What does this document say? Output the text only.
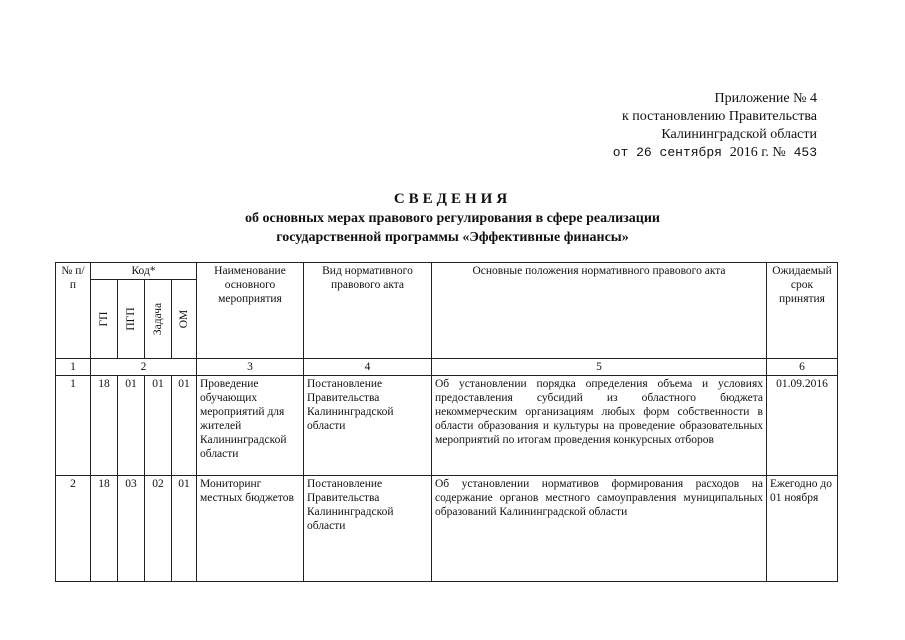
Приложение № 4
к постановлению Правительства
Калининградской области
от 26 сентября 2016 г. № 453
СВЕДЕНИЯ
об основных мерах правового регулирования в сфере реализации
государственной программы «Эффективные финансы»
№ п/п	Код*				Наименование основного мероприятия	Вид нормативного правового акта	Основные положения нормативного правового акта	Ожидаемый срок принятия

	ГП	ПГП	Задача	ОМ				

1	2				3	4	5	6
1	18	01	01	01	Проведение обучающих мероприятий для жителей Калининградской области	Постановление Правительства Калининградской области	Об установлении порядка определения объема и условиях предоставления субсидий из областного бюджета некоммерческим организациям любых форм собственности в области образования и культуры на проведение образовательных мероприятий по итогам проведения конкурсных отборов	01.09.2016
2	18	03	02	01	Мониторинг местных бюджетов	Постановление Правительства Калининградской области	Об установлении нормативов формирования расходов на содержание органов местного самоуправления муниципальных образований Калининградской области	Ежегодно до 01 ноября
